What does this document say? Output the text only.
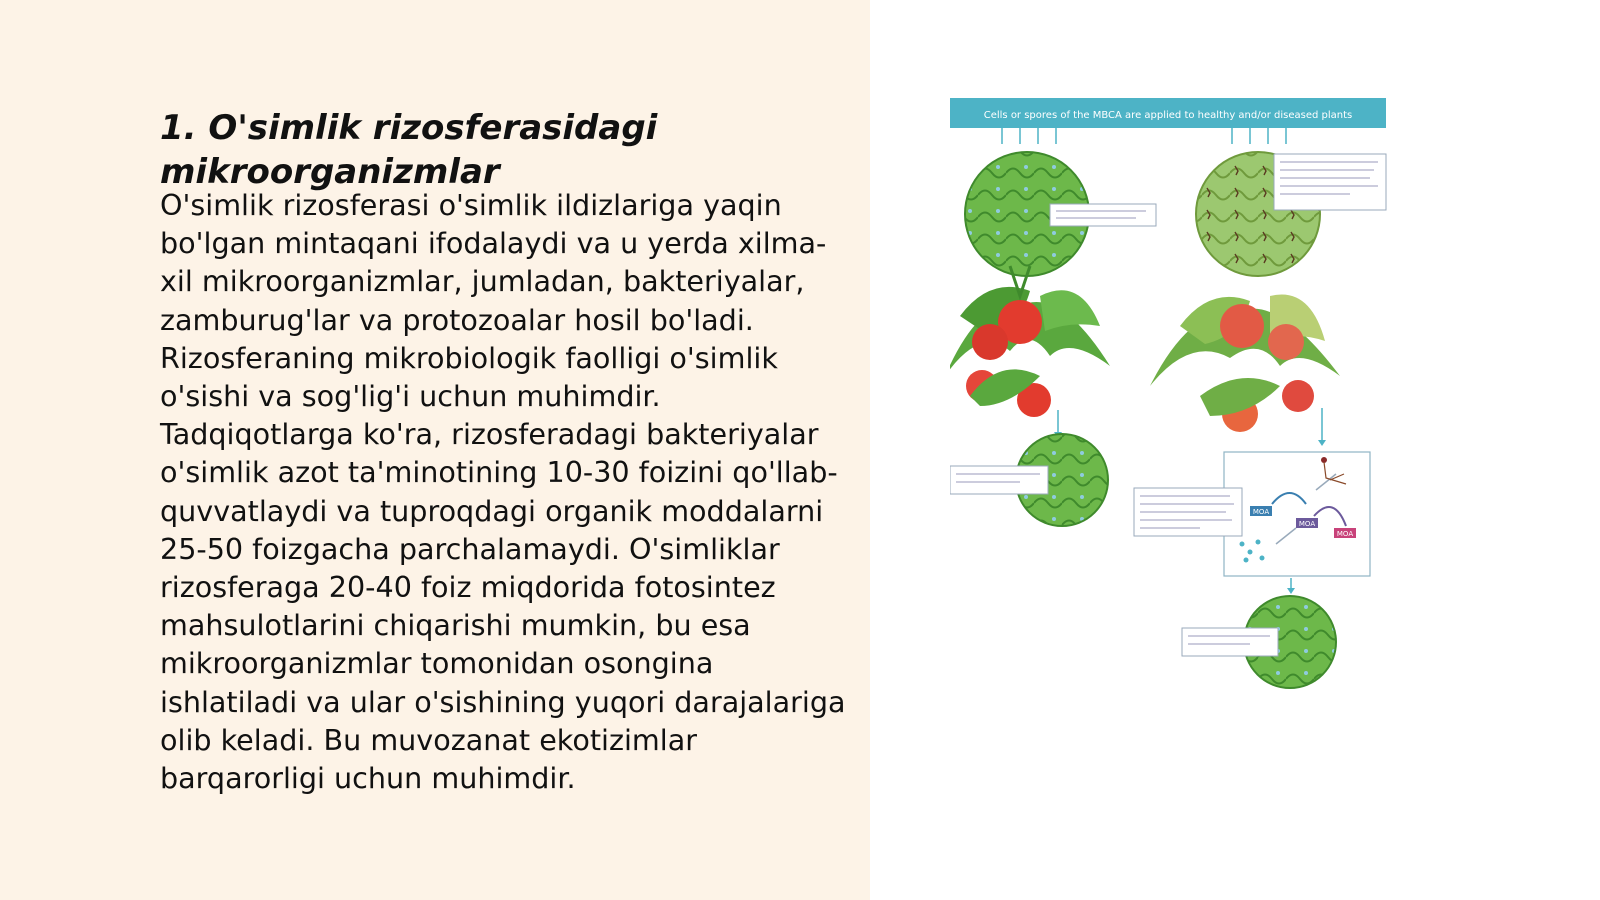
1. O'simlik rizosferasidagi mikroorganizmlar

O'simlik rizosferasi o'simlik ildizlariga yaqin bo'lgan mintaqani ifodalaydi va u yerda xilma-xil mikroorganizmlar, jumladan, bakteriyalar, zamburug'lar va protozoalar hosil bo'ladi. Rizosferaning mikrobiologik faolligi o'simlik o'sishi va sog'lig'i uchun muhimdir. Tadqiqotlarga ko'ra, rizosferadagi bakteriyalar o'simlik azot ta'minotining 10-30 foizini qo'llab-quvvatlaydi va tuproqdagi organik moddalarni 25-50 foizgacha parchalamaydi. O'simliklar rizosferaga 20-40 foiz miqdorida fotosintez mahsulotlarini chiqarishi mumkin, bu esa mikroorganizmlar tomonidan osongina ishlatiladi va ular o'sishining yuqori darajalariga olib keladi. Bu muvozanat ekotizimlar barqarorligi uchun muhimdir.

Cells or spores of the MBCA are applied to healthy and/or diseased plants
MOA
MOA
MOA
